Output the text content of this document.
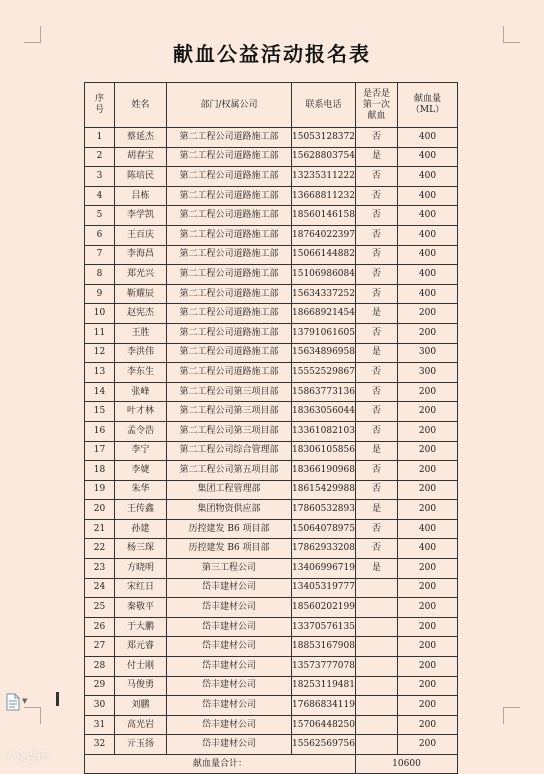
献血公益活动报名表
序号	姓名	部门/权属公司	联系电话	是否是第一次献血	献血量（ML）
1	蔡延杰	第二工程公司道路施工部	15053128372	否	400
2	胡春宝	第二工程公司道路施工部	15628803754	是	400
3	陈培民	第二工程公司道路施工部	13235311222	否	400
4	吕栋	第二工程公司道路施工部	13668811232	否	400
5	李学凯	第二工程公司道路施工部	18560146158	否	400
6	王百庆	第二工程公司道路施工部	18764022397	否	400
7	李海昌	第二工程公司道路施工部	15066144882	否	400
8	郑光兴	第二工程公司道路施工部	15106986084	否	400
9	靳耀辰	第二工程公司道路施工部	15634337252	否	400
10	赵宪杰	第二工程公司道路施工部	18668921454	是	200
11	王胜	第二工程公司道路施工部	13791061605	否	200
12	李洪伟	第二工程公司道路施工部	15634896958	是	300
13	李东生	第二工程公司道路施工部	15552529867	否	300
14	张峰	第二工程公司第三项目部	15863773136	否	200
15	叶才林	第二工程公司第三项目部	18363056044	否	200
16	孟令浩	第二工程公司第三项目部	13361082103	否	200
17	李宁	第二工程公司综合管理部	18306105856	是	200
18	李婕	第二工程公司第五项目部	18366190968	否	200
19	朱华	集团工程管理部	18615429988	否	200
20	王传鑫	集团物资供应部	17860532893	是	200
21	孙建	历控建发 B6 项目部	15064078975	否	400
22	杨三琛	历控建发 B6 项目部	17862933208	否	400
23	方晓明	第三工程公司	13406996719	是	200
24	宋红日	岱丰建材公司	13405319777		200
25	秦敬平	岱丰建材公司	18560202199		200
26	于大鹏	岱丰建材公司	13370576135		200
27	郑元睿	岱丰建材公司	18853167908		200
28	付士刚	岱丰建材公司	13573777078		200
29	马俊勇	岱丰建材公司	18253119481		200
30	刘鹏	岱丰建材公司	17686834119		200
31	高光岩	岱丰建材公司	15706448250		200
32	亓玉扬	岱丰建材公司	15562569756		200
献血量合计：				10600	
▼
大众点评
